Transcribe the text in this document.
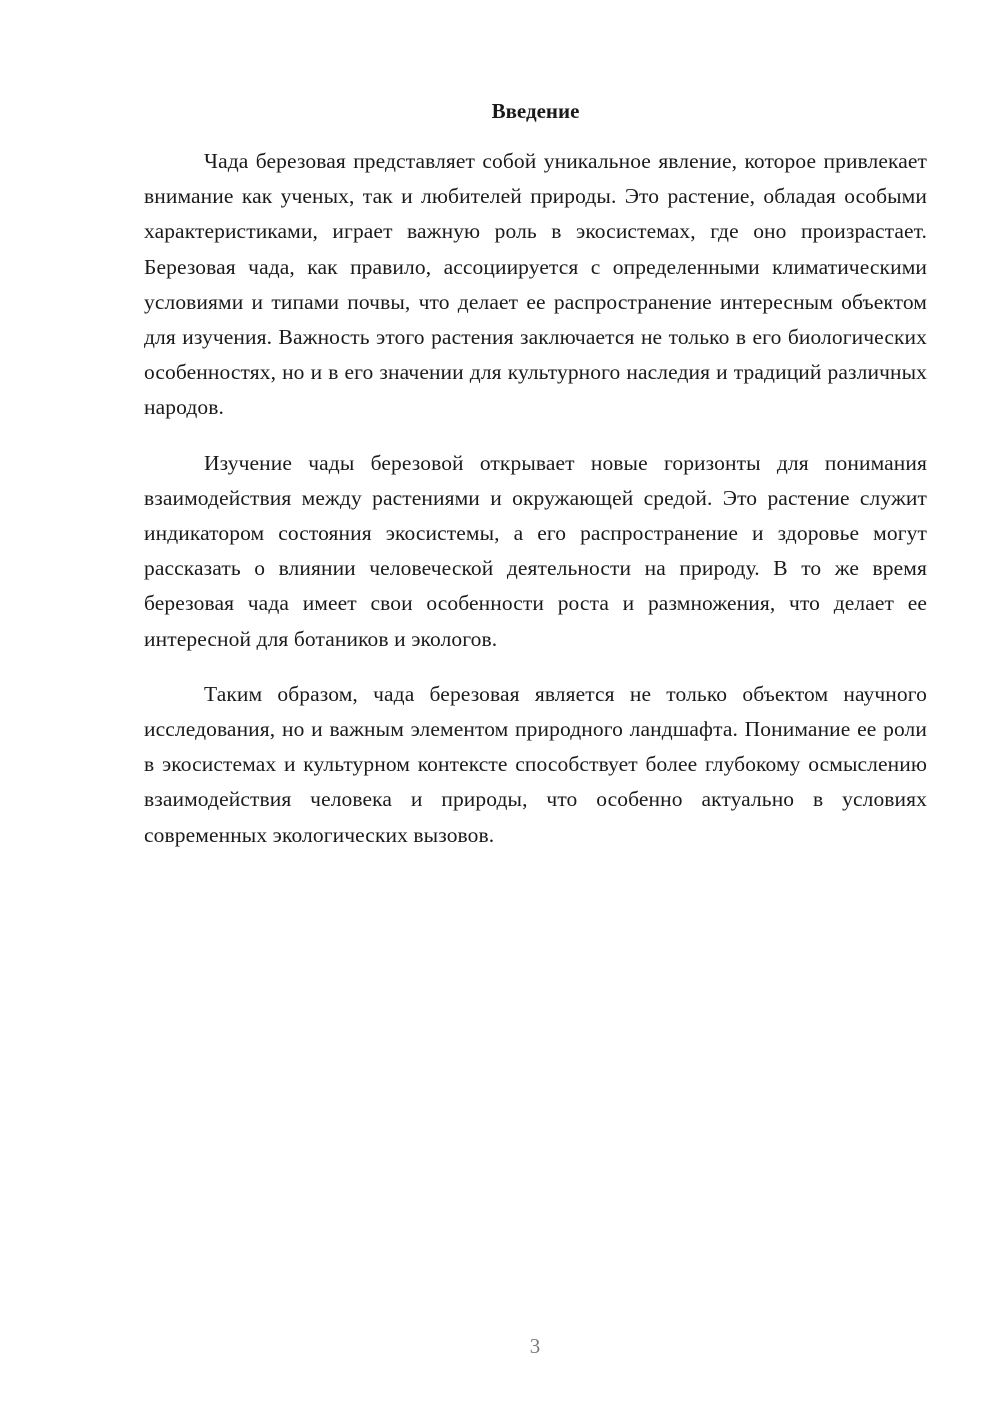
Введение

Чада березовая представляет собой уникальное явление, которое привлекает внимание как ученых, так и любителей природы. Это растение, обладая особыми характеристиками, играет важную роль в экосистемах, где оно произрастает. Березовая чада, как правило, ассоциируется с определенными климатическими условиями и типами почвы, что делает ее распространение интересным объектом для изучения. Важность этого растения заключается не только в его биологических особенностях, но и в его значении для культурного наследия и традиций различных народов.

Изучение чады березовой открывает новые горизонты для понимания взаимодействия между растениями и окружающей средой. Это растение служит индикатором состояния экосистемы, а его распространение и здоровье могут рассказать о влиянии человеческой деятельности на природу. В то же время березовая чада имеет свои особенности роста и размножения, что делает ее интересной для ботаников и экологов.

Таким образом, чада березовая является не только объектом научного исследования, но и важным элементом природного ландшафта. Понимание ее роли в экосистемах и культурном контексте способствует более глубокому осмыслению взаимодействия человека и природы, что особенно актуально в условиях современных экологических вызовов.

3
